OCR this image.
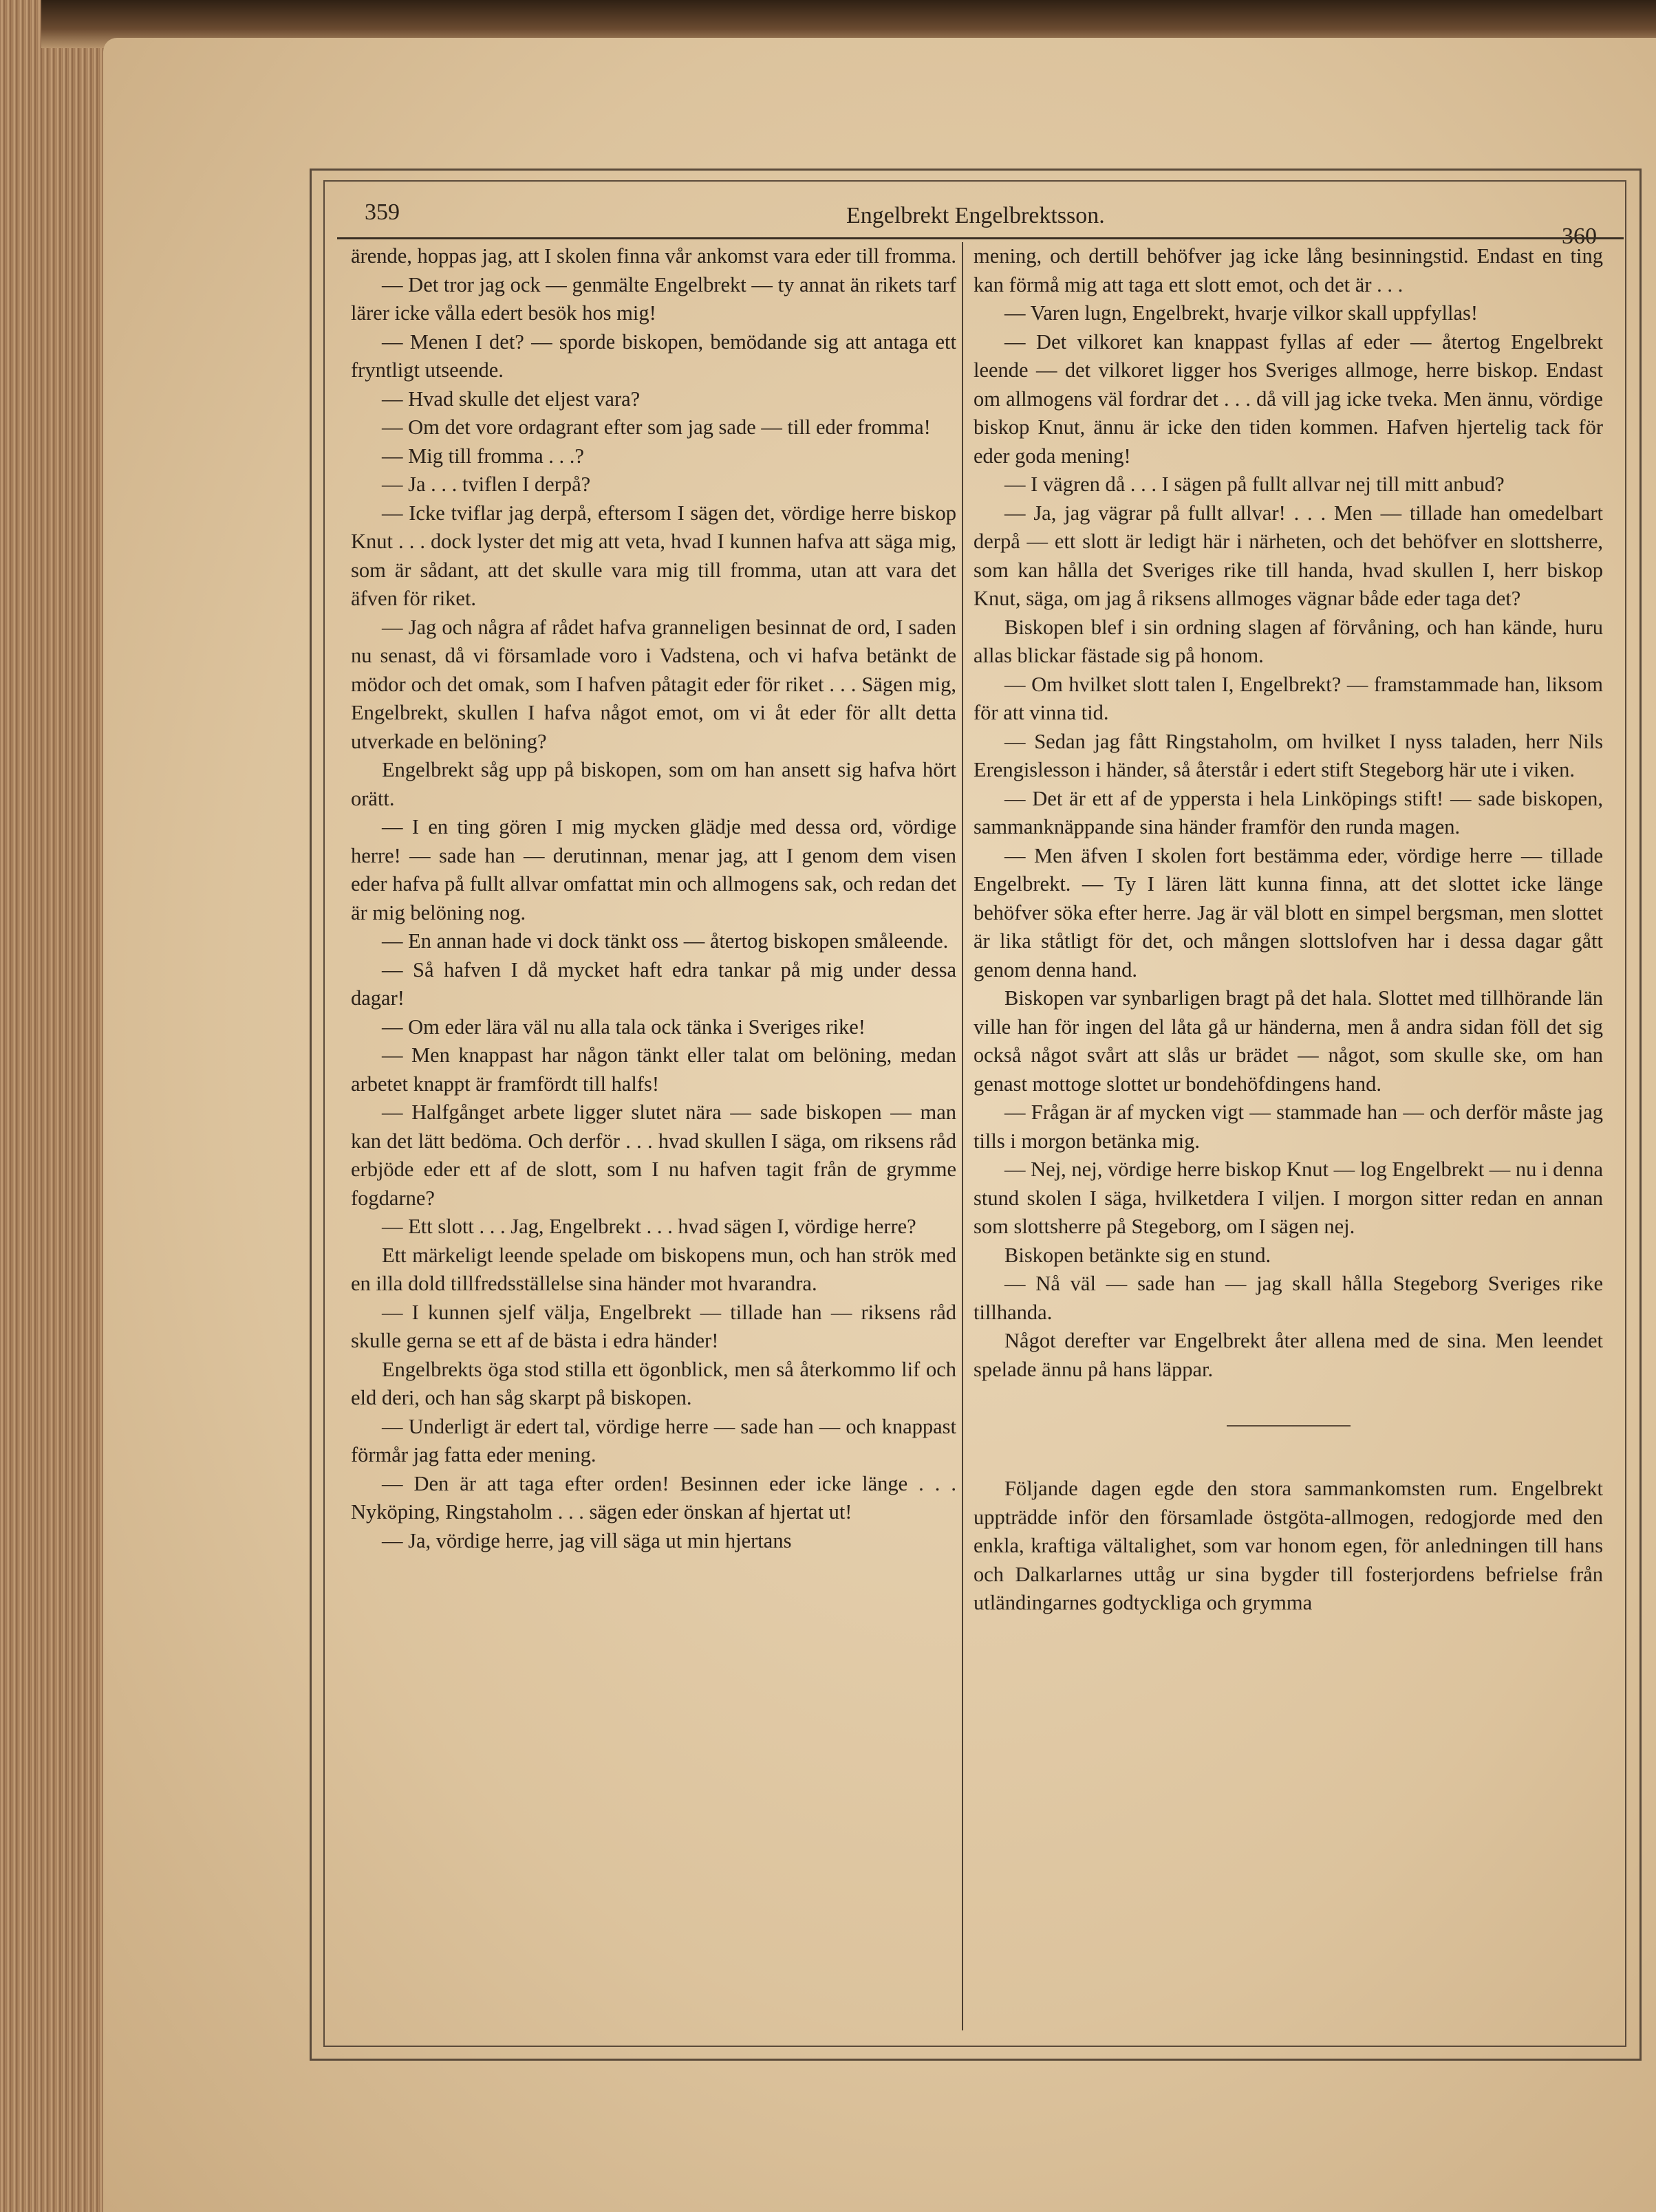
359	Engelbrekt Engelbrektsson.
360

ärende, hoppas jag, att I skolen finna vår ankomst vara eder till fromma.

— Det tror jag ock — genmälte Engelbrekt — ty annat än rikets tarf lärer icke vålla edert besök hos mig!

— Menen I det? — sporde biskopen, bemödande sig att antaga ett fryntligt utseende.

— Hvad skulle det eljest vara?

— Om det vore ordagrant efter som jag sade — till eder fromma!

— Mig till fromma . . .?

— Ja . . . tviflen I derpå?

— Icke tviflar jag derpå, eftersom I sägen det, vördige herre biskop Knut . . . dock lyster det mig att veta, hvad I kunnen hafva att säga mig, som är sådant, att det skulle vara mig till fromma, utan att vara det äfven för riket.

— Jag och några af rådet hafva granneligen besinnat de ord, I saden nu senast, då vi församlade voro i Vadstena, och vi hafva betänkt de mödor och det omak, som I hafven påtagit eder för riket . . . Sägen mig, Engelbrekt, skullen I hafva något emot, om vi åt eder för allt detta utverkade en belöning?

Engelbrekt såg upp på biskopen, som om han ansett sig hafva hört orätt.

— I en ting gören I mig mycken glädje med dessa ord, vördige herre! — sade han — derutinnan, menar jag, att I genom dem visen eder hafva på fullt allvar omfattat min och allmogens sak, och redan det är mig belöning nog.

— En annan hade vi dock tänkt oss — återtog biskopen småleende.

— Så hafven I då mycket haft edra tankar på mig under dessa dagar!

— Om eder lära väl nu alla tala ock tänka i Sveriges rike!

— Men knappast har någon tänkt eller talat om belöning, medan arbetet knappt är framfördt till halfs!

— Halfgånget arbete ligger slutet nära — sade biskopen — man kan det lätt bedöma. Och derför . . . hvad skullen I säga, om riksens råd erbjöde eder ett af de slott, som I nu hafven tagit från de grymme fogdarne?

— Ett slott . . . Jag, Engelbrekt . . . hvad sägen I, vördige herre?

Ett märkeligt leende spelade om biskopens mun, och han strök med en illa dold tillfredsställelse sina händer mot hvarandra.

— I kunnen sjelf välja, Engelbrekt — tillade han — riksens råd skulle gerna se ett af de bästa i edra händer!

Engelbrekts öga stod stilla ett ögonblick, men så återkommo lif och eld deri, och han såg skarpt på biskopen.

— Underligt är edert tal, vördige herre — sade han — och knappast förmår jag fatta eder mening.

— Den är att taga efter orden! Besinnen eder icke länge . . . Nyköping, Ringstaholm . . . sägen eder önskan af hjertat ut!

— Ja, vördige herre, jag vill säga ut min hjertans

mening, och dertill behöfver jag icke lång besinningstid. Endast en ting kan förmå mig att taga ett slott emot, och det är . . .

— Varen lugn, Engelbrekt, hvarje vilkor skall uppfyllas!

— Det vilkoret kan knappast fyllas af eder — återtog Engelbrekt leende — det vilkoret ligger hos Sveriges allmoge, herre biskop. Endast om allmogens väl fordrar det . . . då vill jag icke tveka. Men ännu, vördige biskop Knut, ännu är icke den tiden kommen. Hafven hjertelig tack för eder goda mening!

— I vägren då . . . I sägen på fullt allvar nej till mitt anbud?

— Ja, jag vägrar på fullt allvar! . . . Men — tillade han omedelbart derpå — ett slott är ledigt här i närheten, och det behöfver en slottsherre, som kan hålla det Sveriges rike till handa, hvad skullen I, herr biskop Knut, säga, om jag å riksens allmoges vägnar både eder taga det?

Biskopen blef i sin ordning slagen af förvåning, och han kände, huru allas blickar fästade sig på honom.

— Om hvilket slott talen I, Engelbrekt? — framstammade han, liksom för att vinna tid.

— Sedan jag fått Ringstaholm, om hvilket I nyss taladen, herr Nils Erengislesson i händer, så återstår i edert stift Stegeborg här ute i viken.

— Det är ett af de yppersta i hela Linköpings stift! — sade biskopen, sammanknäppande sina händer framför den runda magen.

— Men äfven I skolen fort bestämma eder, vördige herre — tillade Engelbrekt. — Ty I lären lätt kunna finna, att det slottet icke länge behöfver söka efter herre. Jag är väl blott en simpel bergsman, men slottet är lika ståtligt för det, och mången slottslofven har i dessa dagar gått genom denna hand.

Biskopen var synbarligen bragt på det hala. Slottet med tillhörande län ville han för ingen del låta gå ur händerna, men å andra sidan föll det sig också något svårt att slås ur brädet — något, som skulle ske, om han genast mottoge slottet ur bondehöfdingens hand.

— Frågan är af mycken vigt — stammade han — och derför måste jag tills i morgon betänka mig.

— Nej, nej, vördige herre biskop Knut — log Engelbrekt — nu i denna stund skolen I säga, hvilketdera I viljen. I morgon sitter redan en annan som slottsherre på Stegeborg, om I sägen nej.

Biskopen betänkte sig en stund.

— Nå väl — sade han — jag skall hålla Stegeborg Sveriges rike tillhanda.

Något derefter var Engelbrekt åter allena med de sina. Men leendet spelade ännu på hans läppar.

Följande dagen egde den stora sammankomsten rum. Engelbrekt uppträdde inför den församlade östgöta-allmogen, redogjorde med den enkla, kraftiga vältalighet, som var honom egen, för anledningen till hans och Dalkarlarnes uttåg ur sina bygder till fosterjordens befrielse från utländingarnes godtyckliga och grymma
